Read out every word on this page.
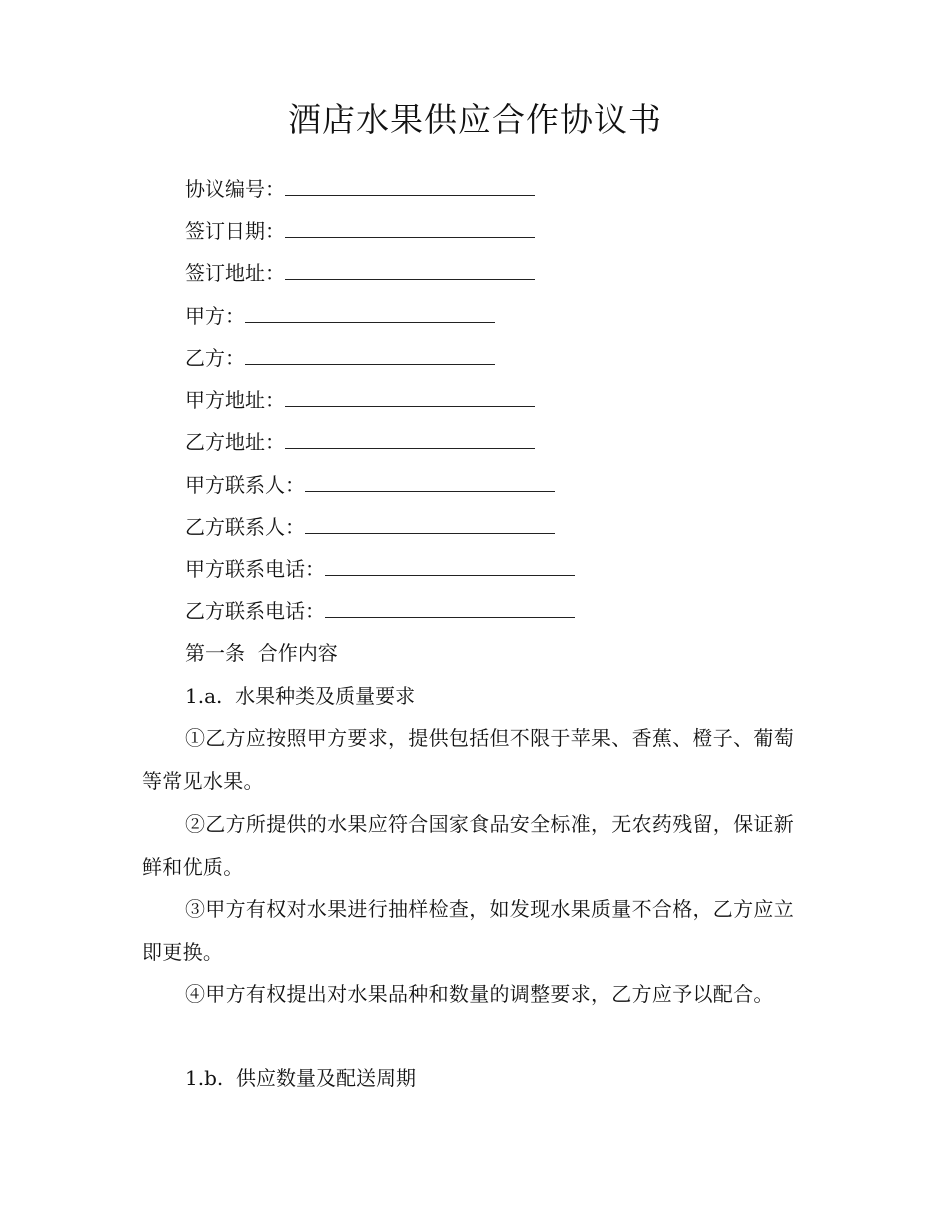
酒店水果供应合作协议书
协议编号：
签订日期：
签订地址：
甲方：
乙方：
甲方地址：
乙方地址：
甲方联系人：
乙方联系人：
甲方联系电话：
乙方联系电话：
第一条  合作内容
1.a.  水果种类及质量要求

①乙方应按照甲方要求，提供包括但不限于苹果、香蕉、橙子、葡萄等常见水果。

②乙方所提供的水果应符合国家食品安全标准，无农药残留，保证新鲜和优质。

③甲方有权对水果进行抽样检查，如发现水果质量不合格，乙方应立即更换。

④甲方有权提出对水果品种和数量的调整要求，乙方应予以配合。

1.b.  供应数量及配送周期
